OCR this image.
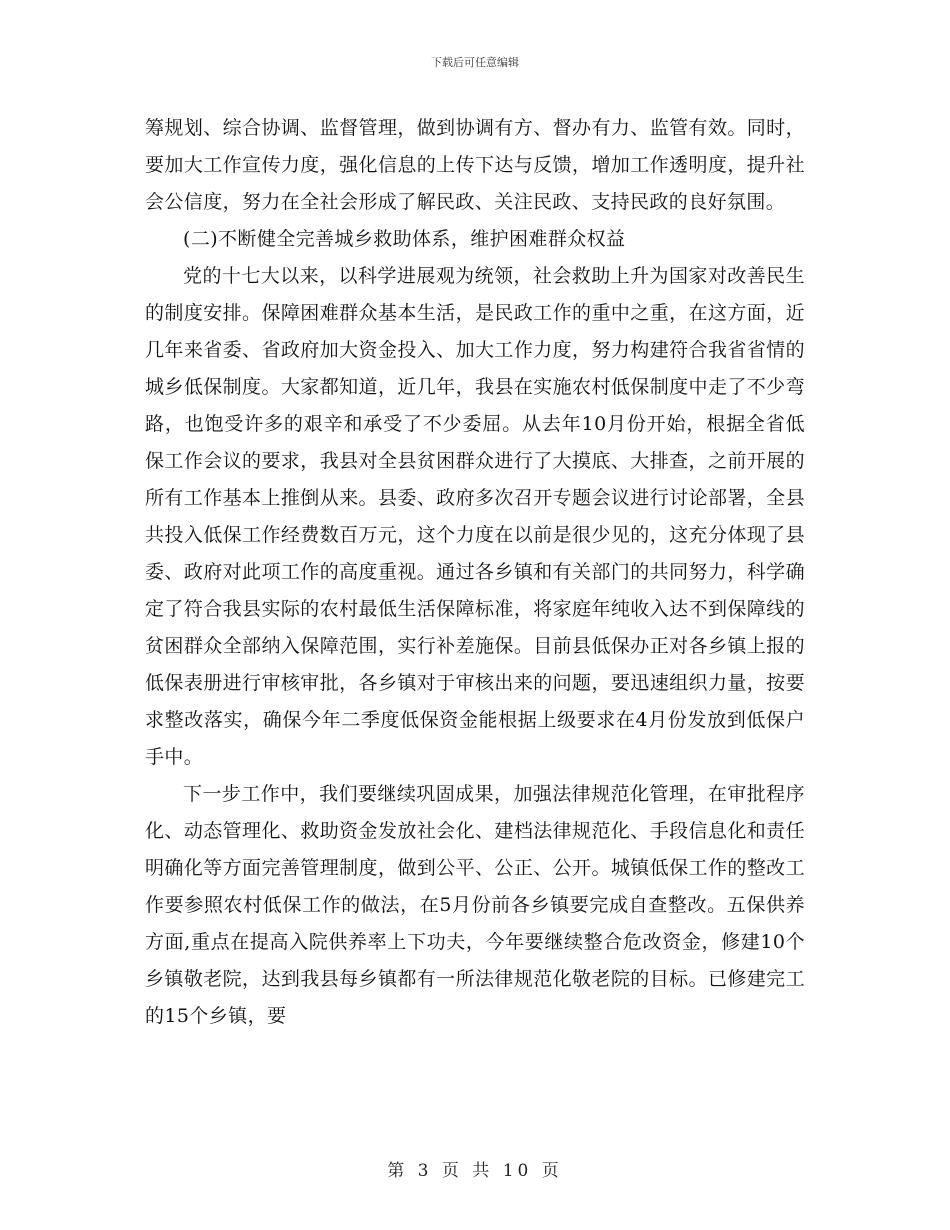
下载后可任意编辑

筹规划、综合协调、监督管理，做到协调有方、督办有力、监管有效。同时，要加大工作宣传力度，强化信息的上传下达与反馈，增加工作透明度，提升社会公信度，努力在全社会形成了解民政、关注民政、支持民政的良好氛围。

(二)不断健全完善城乡救助体系，维护困难群众权益

党的十七大以来，以科学进展观为统领，社会救助上升为国家对改善民生的制度安排。保障困难群众基本生活，是民政工作的重中之重，在这方面，近几年来省委、省政府加大资金投入、加大工作力度，努力构建符合我省省情的城乡低保制度。大家都知道，近几年，我县在实施农村低保制度中走了不少弯路，也饱受许多的艰辛和承受了不少委屈。从去年10月份开始，根据全省低保工作会议的要求，我县对全县贫困群众进行了大摸底、大排查，之前开展的所有工作基本上推倒从来。县委、政府多次召开专题会议进行讨论部署，全县共投入低保工作经费数百万元，这个力度在以前是很少见的，这充分体现了县委、政府对此项工作的高度重视。通过各乡镇和有关部门的共同努力，科学确定了符合我县实际的农村最低生活保障标准，将家庭年纯收入达不到保障线的贫困群众全部纳入保障范围，实行补差施保。目前县低保办正对各乡镇上报的低保表册进行审核审批，各乡镇对于审核出来的问题，要迅速组织力量，按要求整改落实，确保今年二季度低保资金能根据上级要求在4月份发放到低保户手中。

下一步工作中，我们要继续巩固成果，加强法律规范化管理，在审批程序化、动态管理化、救助资金发放社会化、建档法律规范化、手段信息化和责任明确化等方面完善管理制度，做到公平、公正、公开。城镇低保工作的整改工作要参照农村低保工作的做法，在5月份前各乡镇要完成自查整改。五保供养方面,重点在提高入院供养率上下功夫，今年要继续整合危改资金，修建10个乡镇敬老院，达到我县每乡镇都有一所法律规范化敬老院的目标。已修建完工的15个乡镇，要

第 3 页 共 10 页
